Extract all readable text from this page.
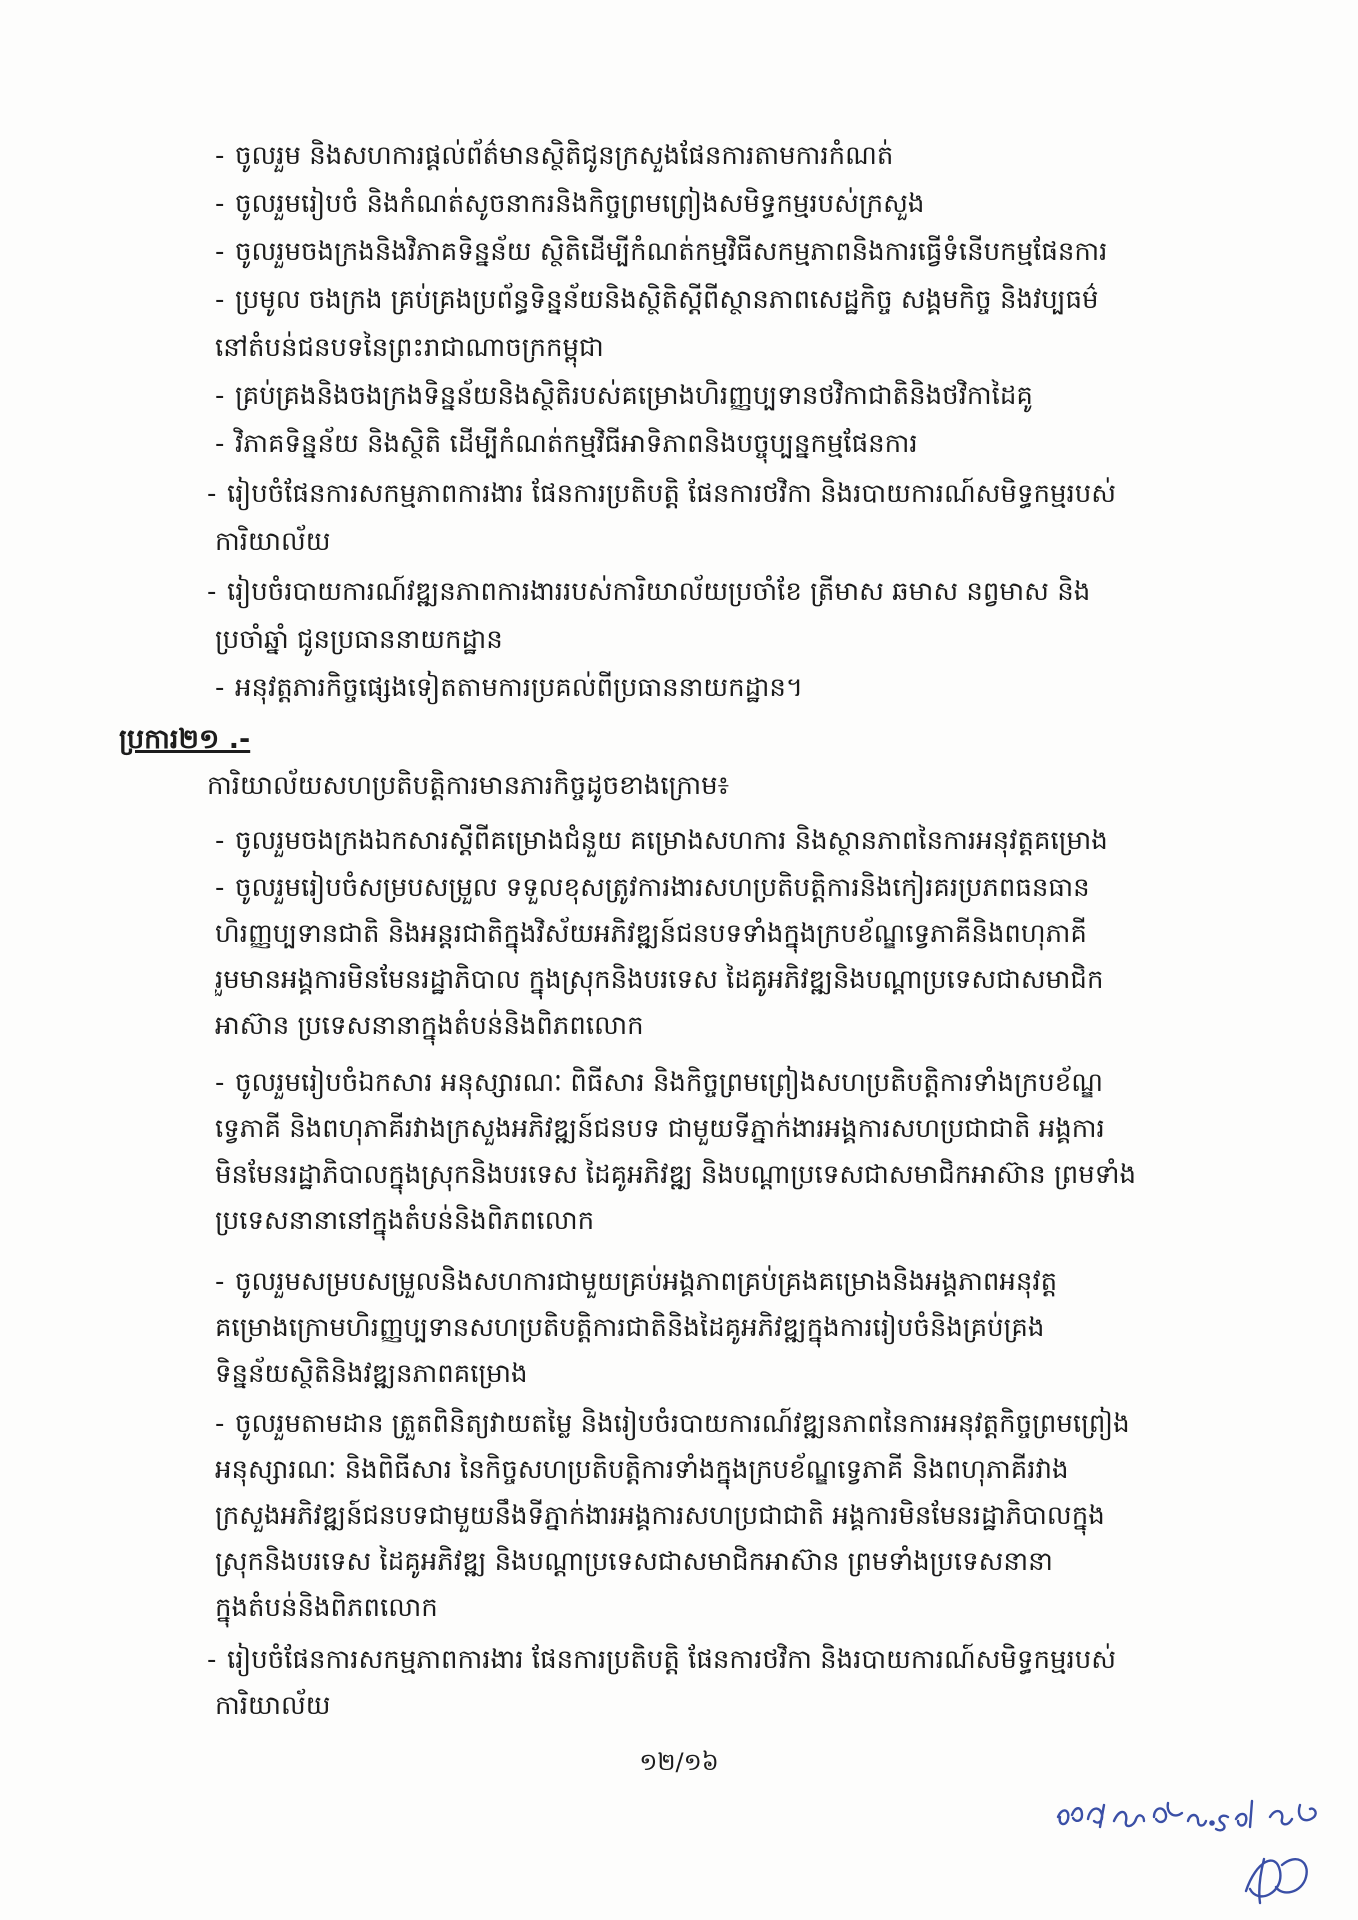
- ចូលរួម និងសហការផ្ដល់ព័ត៌មានស្ថិតិជូនក្រសួងផែនការតាមការកំណត់
- ចូលរួមរៀបចំ និងកំណត់សូចនាករនិងកិច្ចព្រមព្រៀងសមិទ្ធកម្មរបស់ក្រសួង
- ចូលរួមចងក្រងនិងវិភាគទិន្នន័យ ស្ថិតិដើម្បីកំណត់កម្មវិធីសកម្មភាពនិងការធ្វើទំនើបកម្មផែនការ
- ប្រមូល ចងក្រង គ្រប់គ្រងប្រព័ន្ធទិន្នន័យនិងស្ថិតិស្ដីពីស្ថានភាពសេដ្ឋកិច្ច សង្គមកិច្ច និងវប្បធម៌
នៅតំបន់ជនបទនៃព្រះរាជាណាចក្រកម្ពុជា
- គ្រប់គ្រងនិងចងក្រងទិន្នន័យនិងស្ថិតិរបស់គម្រោងហិរញ្ញប្បទានថវិកាជាតិនិងថវិកាដៃគូ
- វិភាគទិន្នន័យ និងស្ថិតិ ដើម្បីកំណត់កម្មវិធីអាទិភាពនិងបច្ចុប្បន្នកម្មផែនការ
- រៀបចំផែនការសកម្មភាពការងារ ផែនការប្រតិបត្តិ ផែនការថវិកា និងរបាយការណ៍សមិទ្ធកម្មរបស់
ការិយាល័យ
- រៀបចំរបាយការណ៍វឌ្ឍនភាពការងាររបស់ការិយាល័យប្រចាំខែ ត្រីមាស ឆមាស នព្វមាស និង
ប្រចាំឆ្នាំ ជូនប្រធាននាយកដ្ឋាន
- អនុវត្តភារកិច្ចផ្សេងទៀតតាមការប្រគល់ពីប្រធាននាយកដ្ឋាន។
ប្រការ២១ .-
ការិយាល័យសហប្រតិបត្តិការមានភារកិច្ចដូចខាងក្រោម៖
- ចូលរួមចងក្រងឯកសារស្ដីពីគម្រោងជំនួយ គម្រោងសហការ និងស្ថានភាពនៃការអនុវត្តគម្រោង
- ចូលរួមរៀបចំសម្របសម្រួល ទទួលខុសត្រូវការងារសហប្រតិបត្តិការនិងកៀរគរប្រភពធនធាន
ហិរញ្ញប្បទានជាតិ និងអន្តរជាតិក្នុងវិស័យអភិវឌ្ឍន៍ជនបទទាំងក្នុងក្របខ័ណ្ឌទ្វេភាគីនិងពហុភាគី
រួមមានអង្គការមិនមែនរដ្ឋាភិបាល ក្នុងស្រុកនិងបរទេស ដៃគូអភិវឌ្ឍនិងបណ្ដាប្រទេសជាសមាជិក
អាស៊ាន ប្រទេសនានាក្នុងតំបន់និងពិភពលោក
- ចូលរួមរៀបចំឯកសារ អនុស្សារណៈ ពិធីសារ និងកិច្ចព្រមព្រៀងសហប្រតិបត្តិការទាំងក្របខ័ណ្ឌ
ទ្វេភាគី និងពហុភាគីរវាងក្រសួងអភិវឌ្ឍន៍ជនបទ ជាមួយទីភ្នាក់ងារអង្គការសហប្រជាជាតិ អង្គការ
មិនមែនរដ្ឋាភិបាលក្នុងស្រុកនិងបរទេស ដៃគូអភិវឌ្ឍ និងបណ្ដាប្រទេសជាសមាជិកអាស៊ាន ព្រមទាំង
ប្រទេសនានានៅក្នុងតំបន់និងពិភពលោក
- ចូលរួមសម្របសម្រួលនិងសហការជាមួយគ្រប់អង្គភាពគ្រប់គ្រងគម្រោងនិងអង្គភាពអនុវត្ត
គម្រោងក្រោមហិរញ្ញប្បទានសហប្រតិបត្តិការជាតិនិងដៃគូអភិវឌ្ឍក្នុងការរៀបចំនិងគ្រប់គ្រង
ទិន្នន័យស្ថិតិនិងវឌ្ឍនភាពគម្រោង
- ចូលរួមតាមដាន ត្រួតពិនិត្យវាយតម្លៃ និងរៀបចំរបាយការណ៍វឌ្ឍនភាពនៃការអនុវត្តកិច្ចព្រមព្រៀង
អនុស្សារណៈ និងពិធីសារ នៃកិច្ចសហប្រតិបត្តិការទាំងក្នុងក្របខ័ណ្ឌទ្វេភាគី និងពហុភាគីរវាង
ក្រសួងអភិវឌ្ឍន៍ជនបទជាមួយនឹងទីភ្នាក់ងារអង្គការសហប្រជាជាតិ អង្គការមិនមែនរដ្ឋាភិបាលក្នុង
ស្រុកនិងបរទេស ដៃគូអភិវឌ្ឍ និងបណ្ដាប្រទេសជាសមាជិកអាស៊ាន ព្រមទាំងប្រទេសនានា
ក្នុងតំបន់និងពិភពលោក
- រៀបចំផែនការសកម្មភាពការងារ ផែនការប្រតិបត្តិ ផែនការថវិកា និងរបាយការណ៍សមិទ្ធកម្មរបស់
ការិយាល័យ
១២/១៦
